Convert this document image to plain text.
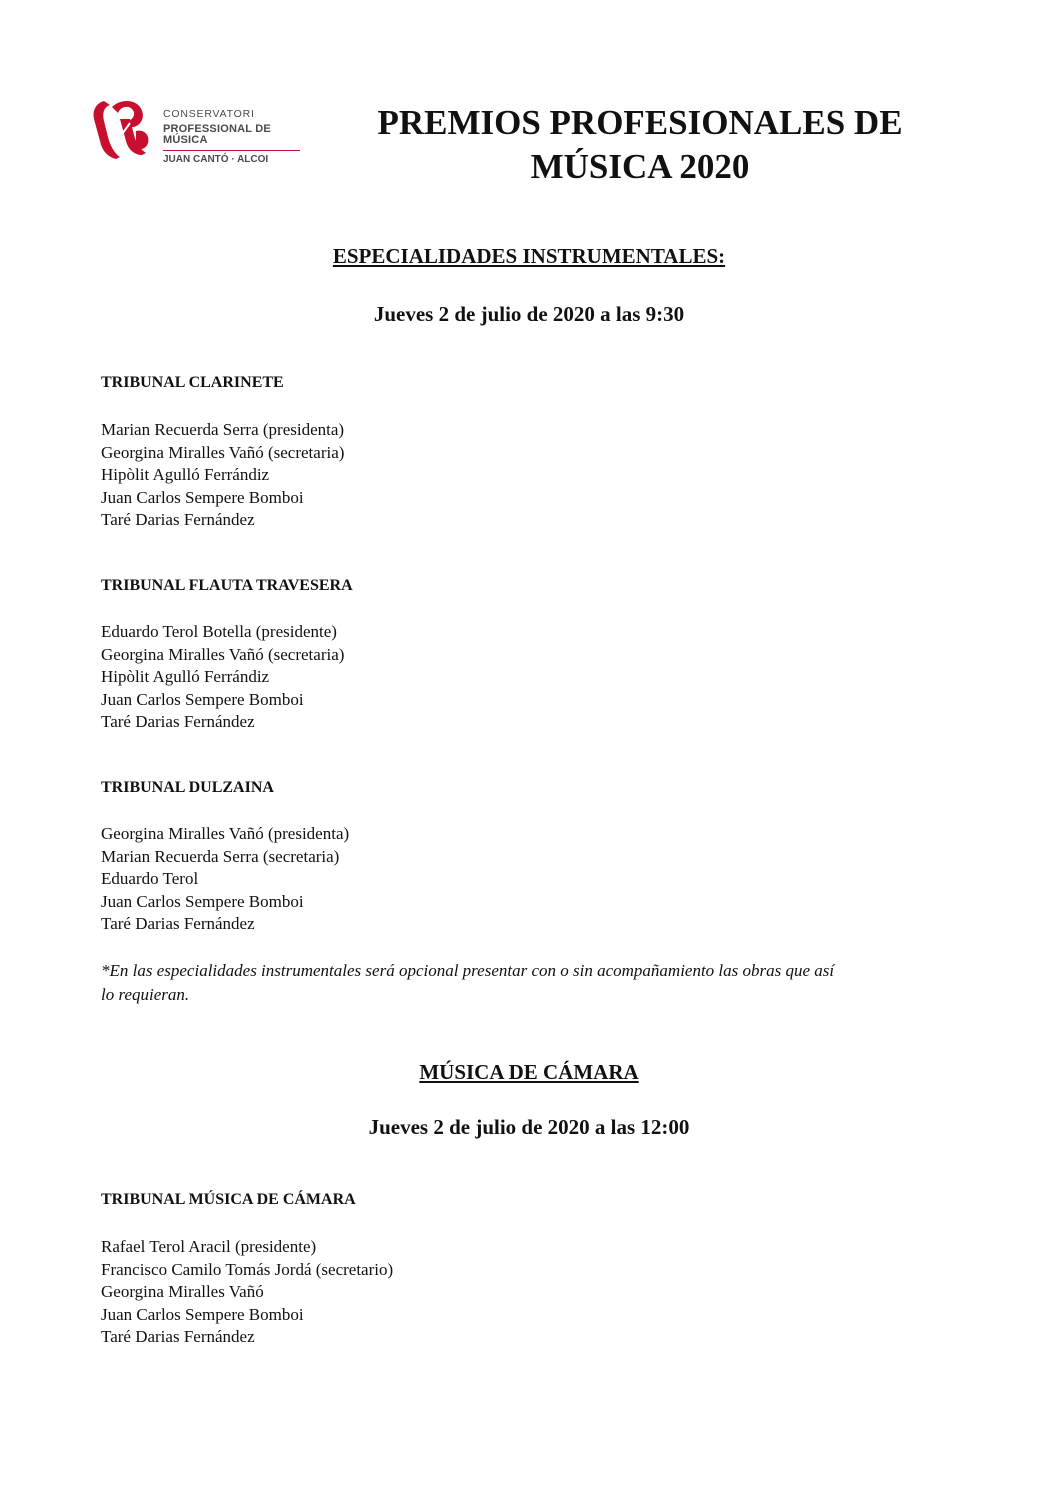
CONSERVATORI
PROFESSIONAL DE MÚSICA
JUAN CANTÓ · ALCOI
PREMIOS PROFESIONALES DE
MÚSICA 2020
ESPECIALIDADES INSTRUMENTALES:
Jueves 2 de julio de 2020 a las 9:30
TRIBUNAL CLARINETE
Marian Recuerda Serra (presidenta)
Georgina Miralles Vañó (secretaria)
Hipòlit Agulló Ferrándiz
Juan Carlos Sempere Bomboi
Taré Darias Fernández
TRIBUNAL FLAUTA TRAVESERA
Eduardo Terol Botella (presidente)
Georgina Miralles Vañó (secretaria)
Hipòlit Agulló Ferrándiz
Juan Carlos Sempere Bomboi
Taré Darias Fernández
TRIBUNAL DULZAINA
Georgina Miralles Vañó (presidenta)
Marian Recuerda Serra (secretaria)
Eduardo Terol
Juan Carlos Sempere Bomboi
Taré Darias Fernández
*En las especialidades instrumentales será opcional presentar con o sin acompañamiento las obras que así
lo requieran.
MÚSICA DE CÁMARA
Jueves 2 de julio de 2020 a las 12:00
TRIBUNAL MÚSICA DE CÁMARA
Rafael Terol Aracil (presidente)
Francisco Camilo Tomás Jordá (secretario)
Georgina Miralles Vañó
Juan Carlos Sempere Bomboi
Taré Darias Fernández
